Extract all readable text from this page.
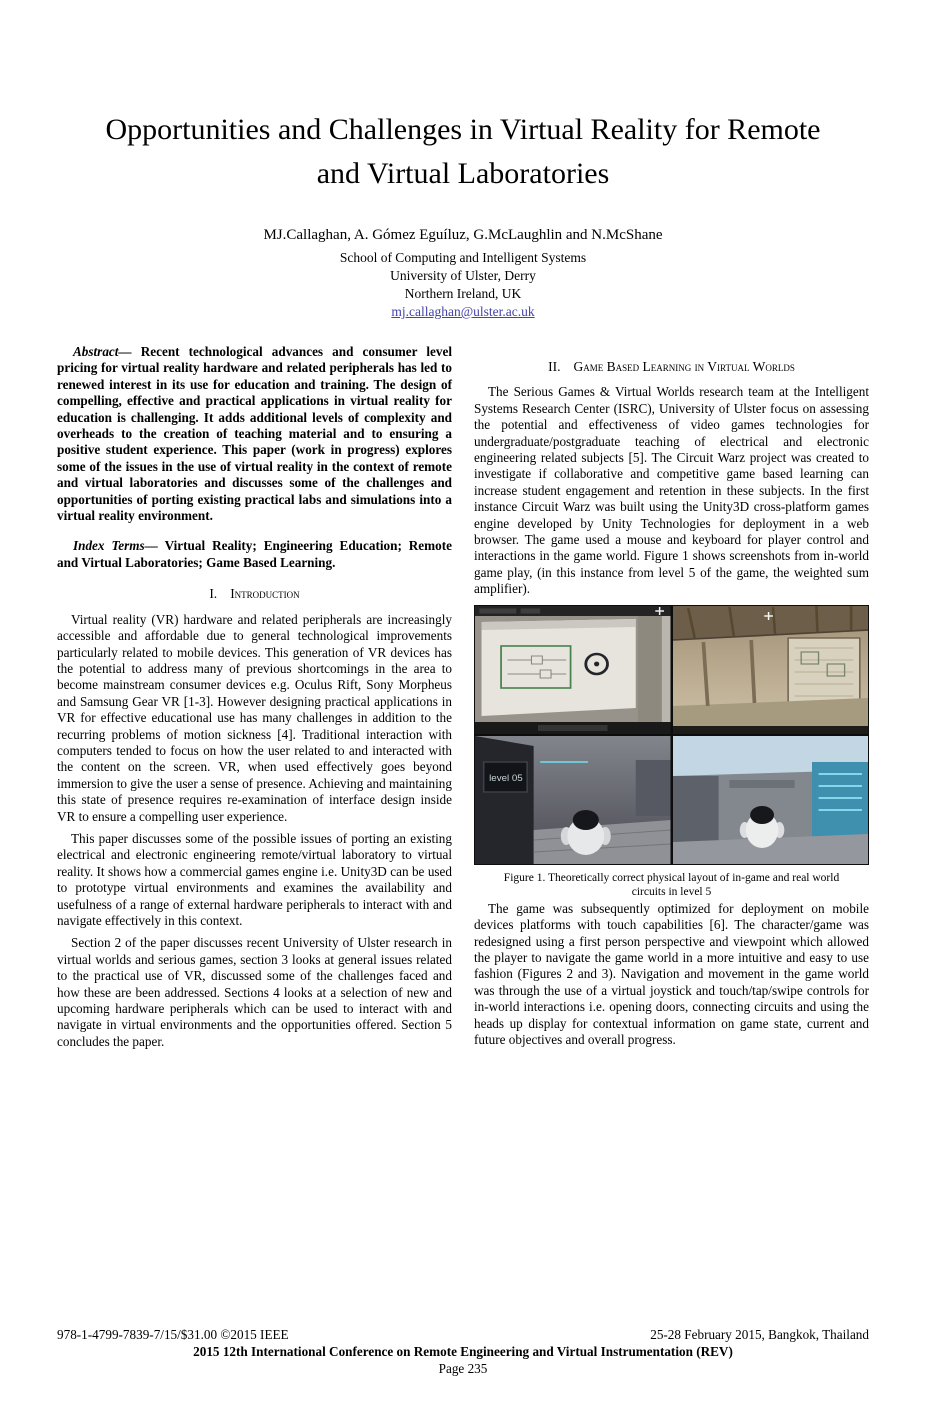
Opportunities and Challenges in Virtual Reality for Remote and Virtual Laboratories
MJ.Callaghan, A. Gómez Eguíluz, G.McLaughlin and N.McShane
School of Computing and Intelligent Systems
University of Ulster, Derry
Northern Ireland, UK
mj.callaghan@ulster.ac.uk

Abstract— Recent technological advances and consumer level pricing for virtual reality hardware and related peripherals has led to renewed interest in its use for education and training. The design of compelling, effective and practical applications in virtual reality for education is challenging. It adds additional levels of complexity and overheads to the creation of teaching material and to ensuring a positive student experience. This paper (work in progress) explores some of the issues in the use of virtual reality in the context of remote and virtual laboratories and discusses some of the challenges and opportunities of porting existing practical labs and simulations into a virtual reality environment.

Index Terms— Virtual Reality; Engineering Education; Remote and Virtual Laboratories; Game Based Learning.

I. Introduction

Virtual reality (VR) hardware and related peripherals are increasingly accessible and affordable due to general technological improvements particularly related to mobile devices. This generation of VR devices has the potential to address many of previous shortcomings in the area to become mainstream consumer devices e.g. Oculus Rift, Sony Morpheus and Samsung Gear VR [1-3]. However designing practical applications in VR for effective educational use has many challenges in addition to the recurring problems of motion sickness [4]. Traditional interaction with computers tended to focus on how the user related to and interacted with the content on the screen. VR, when used effectively goes beyond immersion to give the user a sense of presence. Achieving and maintaining this state of presence requires re-examination of interface design inside VR to ensure a compelling user experience.

This paper discusses some of the possible issues of porting an existing electrical and electronic engineering remote/virtual laboratory to virtual reality. It shows how a commercial games engine i.e. Unity3D can be used to prototype virtual environments and examines the availability and usefulness of a range of external hardware peripherals to interact with and navigate effectively in this context.

Section 2 of the paper discusses recent University of Ulster research in virtual worlds and serious games, section 3 looks at general issues related to the practical use of VR, discussed some of the challenges faced and how these are been addressed. Sections 4 looks at a selection of new and upcoming hardware peripherals which can be used to interact with and navigate in virtual environments and the opportunities offered. Section 5 concludes the paper.

II. Game Based Learning in Virtual Worlds

The Serious Games & Virtual Worlds research team at the Intelligent Systems Research Center (ISRC), University of Ulster focus on assessing the potential and effectiveness of video games technologies for undergraduate/postgraduate teaching of electrical and electronic engineering related subjects [5]. The Circuit Warz project was created to investigate if collaborative and competitive game based learning can increase student engagement and retention in these subjects. In the first instance Circuit Warz was built using the Unity3D cross-platform games engine developed by Unity Technologies for deployment in a web browser. The game used a mouse and keyboard for player control and interactions in the game world. Figure 1 shows screenshots from in-world game play, (in this instance from level 5 of the game, the weighted sum amplifier).

level 05
Figure 1. Theoretically correct physical layout of in-game and real world circuits in level 5

The game was subsequently optimized for deployment on mobile devices platforms with touch capabilities [6]. The character/game was redesigned using a first person perspective and viewpoint which allowed the player to navigate the game world in a more intuitive and easy to use fashion (Figures 2 and 3). Navigation and movement in the game world was through the use of a virtual joystick and touch/tap/swipe controls for in-world interactions i.e. opening doors, connecting circuits and using the heads up display for contextual information on game state, current and future objectives and overall progress.

978-1-4799-7839-7/15/$31.00 ©2015 IEEE	25-28 February 2015, Bangkok, Thailand
2015 12th International Conference on Remote Engineering and Virtual Instrumentation (REV)
Page 235
